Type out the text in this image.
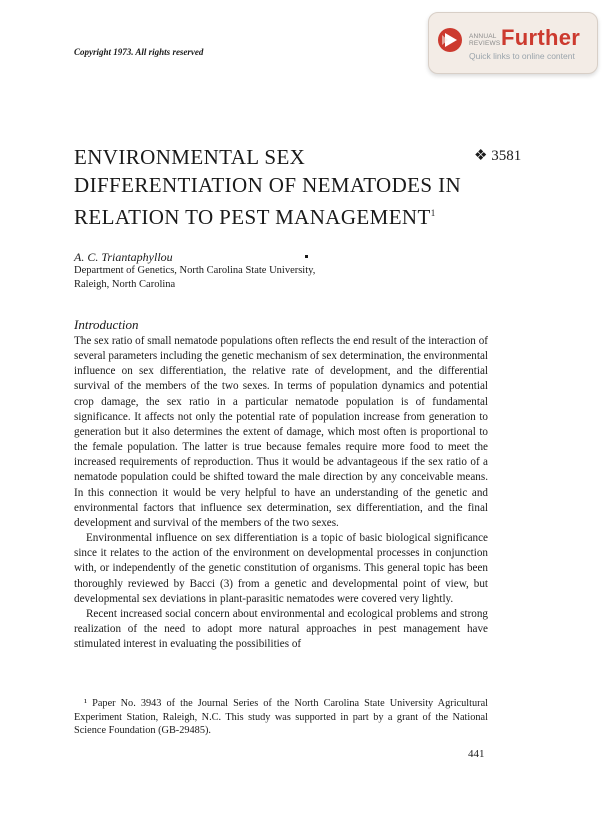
ANNUAL
REVIEWS Further
Quick links to online content
Copyright 1973. All rights reserved
ENVIRONMENTAL SEX
DIFFERENTIATION OF NEMATODES IN
RELATION TO PEST MANAGEMENT$^1$
❖ 3581
A. C. Triantaphyllou
Department of Genetics, North Carolina State University,
Raleigh, North Carolina
Introduction

The sex ratio of small nematode populations often reflects the end result of the interaction of several parameters including the genetic mechanism of sex determination, the environmental influence on sex differentiation, the relative rate of development, and the differential survival of the members of the two sexes. In terms of population dynamics and potential crop damage, the sex ratio in a particular nematode population is of fundamental significance. It affects not only the potential rate of population increase from generation to generation but it also determines the extent of damage, which most often is proportional to the female population. The latter is true because females require more food to meet the increased requirements of reproduction. Thus it would be advantageous if the sex ratio of a nematode population could be shifted toward the male direction by any conceivable means. In this connection it would be very helpful to have an understanding of the genetic and environmental factors that influence sex determination, sex differentiation, and the final development and survival of the members of the two sexes.

Environmental influence on sex differentiation is a topic of basic biological significance since it relates to the action of the environment on developmental processes in conjunction with, or independently of the genetic constitution of organisms. This general topic has been thoroughly reviewed by Bacci (3) from a genetic and developmental point of view, but developmental sex deviations in plant-parasitic nematodes were covered very lightly.

Recent increased social concern about environmental and ecological problems and strong realization of the need to adopt more natural approaches in pest management have stimulated interest in evaluating the possibilities of

¹ Paper No. 3943 of the Journal Series of the North Carolina State University Agricultural Experiment Station, Raleigh, N.C. This study was supported in part by a grant of the National Science Foundation (GB-29485).
441
